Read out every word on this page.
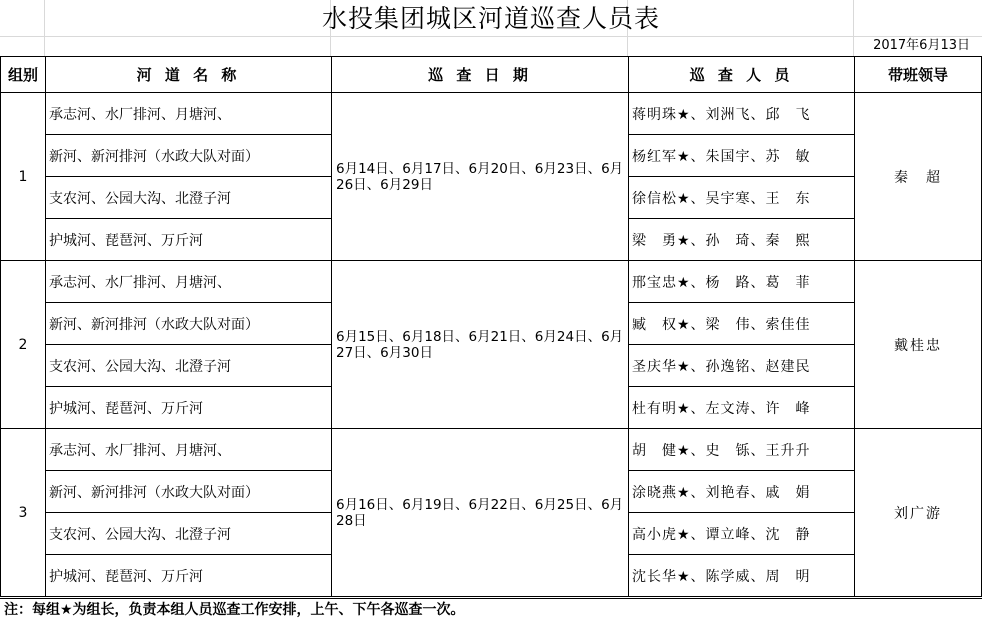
水投集团城区河道巡查人员表
2017年6月13日
组别	河 道 名 称	巡 查 日 期	巡 查 人 员	带班领导
1	承志河、水厂排河、月塘河、	6月14日、6月17日、6月20日、6月23日、6月26日、6月29日	蒋明珠★、刘洲飞、邱　飞	秦　超
	新河、新河排河（水政大队对面）		杨红军★、朱国宇、苏　敏	
	支农河、公园大沟、北澄子河		徐信松★、吴宇寒、王　东	
	护城河、琵琶河、万斤河		梁　勇★、孙　琦、秦　熙	
2	承志河、水厂排河、月塘河、	6月15日、6月18日、6月21日、6月24日、6月27日、6月30日	邢宝忠★、杨　路、葛　菲	戴桂忠
	新河、新河排河（水政大队对面）		臧　权★、梁　伟、索佳佳	
	支农河、公园大沟、北澄子河		圣庆华★、孙逸铭、赵建民	
	护城河、琵琶河、万斤河		杜有明★、左文涛、许　峰	
3	承志河、水厂排河、月塘河、	6月16日、6月19日、6月22日、6月25日、6月28日	胡　健★、史　铄、王升升	刘广游
	新河、新河排河（水政大队对面）		涂晓燕★、刘艳春、戚　娟	
	支农河、公园大沟、北澄子河		高小虎★、谭立峰、沈　静	
	护城河、琵琶河、万斤河		沈长华★、陈学威、周　明	
注：每组★为组长，负责本组人员巡查工作安排，上午、下午各巡查一次。
